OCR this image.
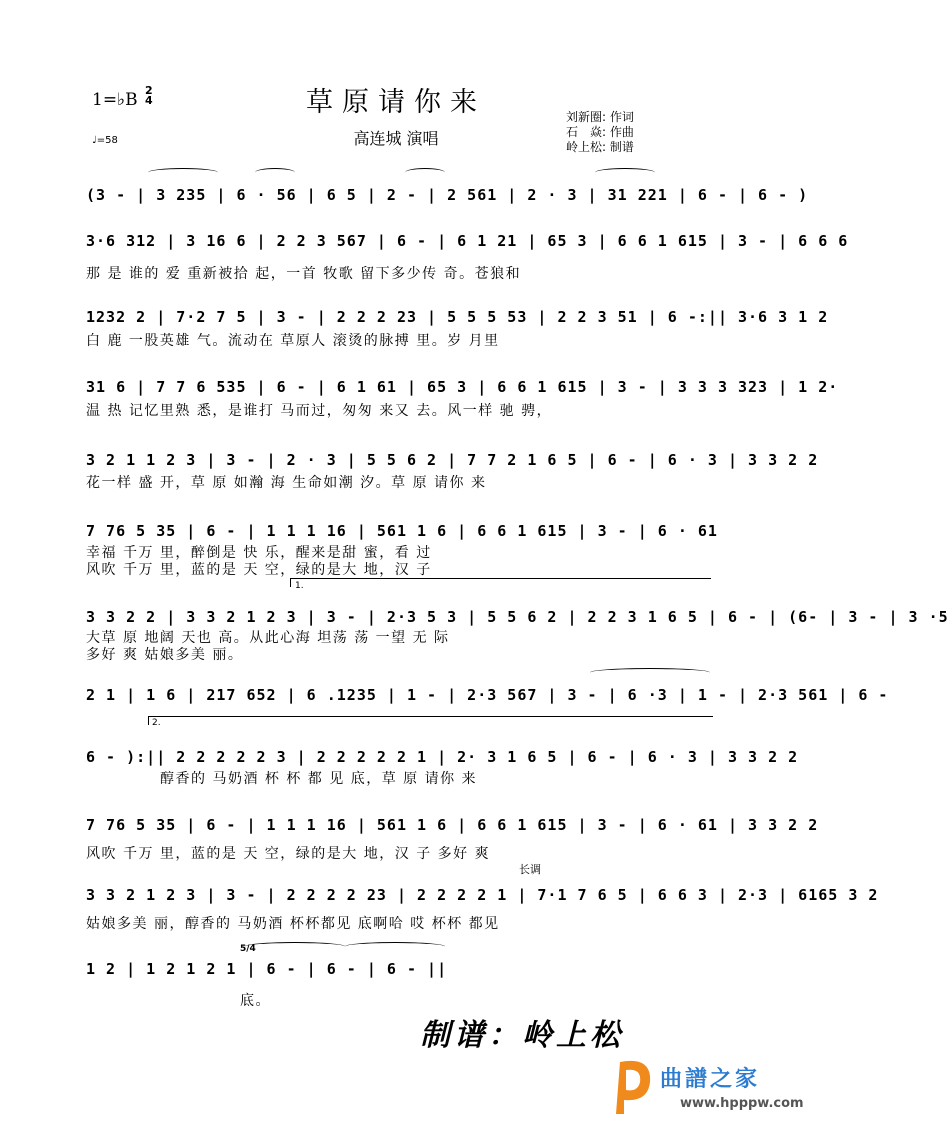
1=♭B 2
4
♩=58
草原请你来
高连城 演唱
刘新圈: 作词
石　焱: 作曲
岭上松: 制谱
(3 - | 3 235 | 6 · 56 | 6 5 | 2 - | 2 561 | 2 · 3 | 31 221 | 6 - | 6 - )
3·6 312 | 3 16 6 | 2 2 3 567 | 6 - | 6 1 21 | 65 3 | 6 6 1 615 | 3 - | 6 6 6
那 是 谁的 爱 重新被拾 起，一首 牧歌 留下多少传 奇。苍狼和
1232 2 | 7·2 7 5 | 3 - | 2 2 2 23 | 5 5 5 53 | 2 2 3 51 | 6 -:|| 3·6 3 1 2
白 鹿 一股英雄 气。流动在 草原人 滚烫的脉搏 里。岁 月里
31 6 | 7 7 6 535 | 6 - | 6 1 61 | 65 3 | 6 6 1 615 | 3 - | 3 3 3 323 | 1 2·
温 热 记忆里熟 悉，是谁打 马而过，匆匆 来又 去。风一样 驰 骋，
3 2 1 1 2 3 | 3 - | 2 · 3 | 5 5 6 2 | 7 7 2 1 6 5 | 6 - | 6 · 3 | 3 3 2 2
花一样 盛 开，草 原 如瀚 海 生命如潮 汐。草 原 请你 来
7 76 5 35 | 6 - | 1 1 1 16 | 561 1 6 | 6 6 1 615 | 3 - | 6 · 61
幸福 千万 里，醉倒是 快 乐，醒来是甜 蜜，看 过
风吹 千万 里，蓝的是 天 空，绿的是大 地，汉 子
1.
3 3 2 2 | 3 3 2 1 2 3 | 3 - | 2·3 5 3 | 5 5 6 2 | 2 2 3 1 6 5 | 6 - | (6- | 3 - | 3 ·5
大草 原 地阔 天也 高。从此心海 坦荡 荡 一望 无 际
多好 爽 姑娘多美 丽。
2 1 | 1 6 | 217 652 | 6 .1235 | 1 - | 2·3 567 | 3 - | 6 ·3 | 1 - | 2·3 561 | 6 -
2.
6 - ):|| 2 2 2 2 2 3 | 2 2 2 2 2 1 | 2· 3 1 6 5 | 6 - | 6 · 3 | 3 3 2 2
醇香的 马奶酒 杯 杯 都 见 底，草 原 请你 来
7 76 5 35 | 6 - | 1 1 1 16 | 561 1 6 | 6 6 1 615 | 3 - | 6 · 61 | 3 3 2 2
风吹 千万 里，蓝的是 天 空，绿的是大 地，汉 子 多好 爽
长调
3 3 2 1 2 3 | 3 - | 2 2 2 2 23 | 2 2 2 2 1 | 7·1 7 6 5 | 6 6 3 | 2·3 | 6165 3 2
姑娘多美 丽，醇香的 马奶酒 杯杯都见 底啊哈 哎 杯杯 都见
1 2 | 1 2 1 2 1 | 6 - | 6 - | 6 - ||
5/4
底。
制谱：岭上松
曲譜之家
www.hpppw.com
